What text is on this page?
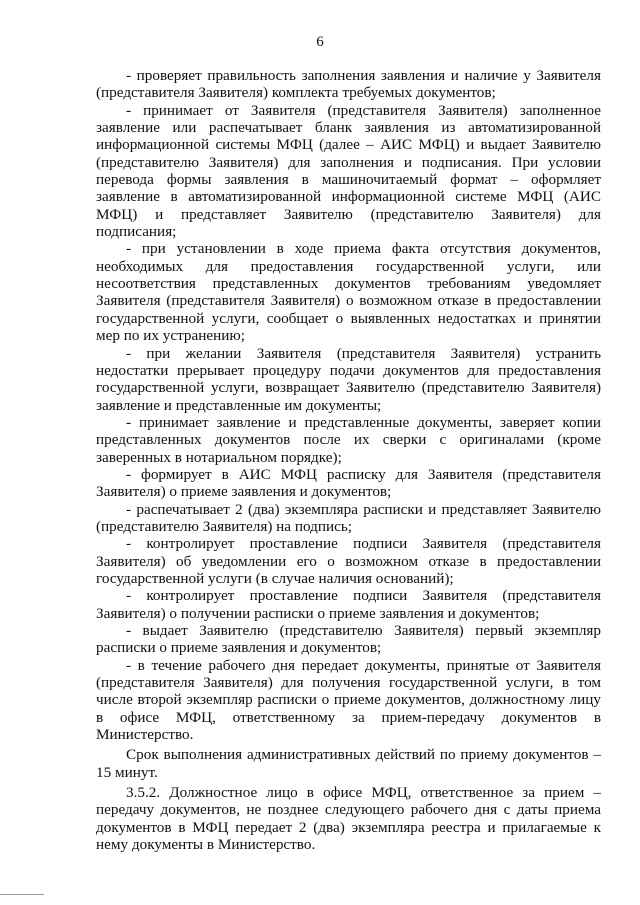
6

- проверяет правильность заполнения заявления и наличие у Заявителя (представителя Заявителя) комплекта требуемых документов;

- принимает от Заявителя (представителя Заявителя) заполненное заявление или распечатывает бланк заявления из автоматизированной информационной системы МФЦ (далее – АИС МФЦ) и выдает Заявителю (представителю Заявителя) для заполнения и подписания. При условии перевода формы заявления в машиночитаемый формат – оформляет заявление в автоматизированной информационной системе МФЦ (АИС МФЦ) и представляет Заявителю (представителю Заявителя) для подписания;

- при установлении в ходе приема факта отсутствия документов, необходимых для предоставления государственной услуги, или несоответствия представленных документов требованиям уведомляет Заявителя (представителя Заявителя) о возможном отказе в предоставлении государственной услуги, сообщает о выявленных недостатках и принятии мер по их устранению;

- при желании Заявителя (представителя Заявителя) устранить недостатки прерывает процедуру подачи документов для предоставления государственной услуги, возвращает Заявителю (представителю Заявителя) заявление и представленные им документы;

- принимает заявление и представленные документы, заверяет копии представленных документов после их сверки с оригиналами (кроме заверенных в нотариальном порядке);

- формирует в АИС МФЦ расписку для Заявителя (представителя Заявителя) о приеме заявления и документов;

- распечатывает 2 (два) экземпляра расписки и представляет Заявителю (представителю Заявителя) на подпись;

- контролирует проставление подписи Заявителя (представителя Заявителя) об уведомлении его о возможном отказе в предоставлении государственной услуги (в случае наличия оснований);

- контролирует проставление подписи Заявителя (представителя Заявителя) о получении расписки о приеме заявления и документов;

- выдает Заявителю (представителю Заявителя) первый экземпляр расписки о приеме заявления и документов;

- в течение рабочего дня передает документы, принятые от Заявителя (представителя Заявителя) для получения государственной услуги, в том числе второй экземпляр расписки о приеме документов, должностному лицу в офисе МФЦ, ответственному за прием-передачу документов в Министерство.

Срок выполнения административных действий по приему документов – 15 минут.

3.5.2. Должностное лицо в офисе МФЦ, ответственное за прием – передачу документов, не позднее следующего рабочего дня с даты приема документов в МФЦ передает 2 (два) экземпляра реестра и прилагаемые к нему документы в Министерство.
